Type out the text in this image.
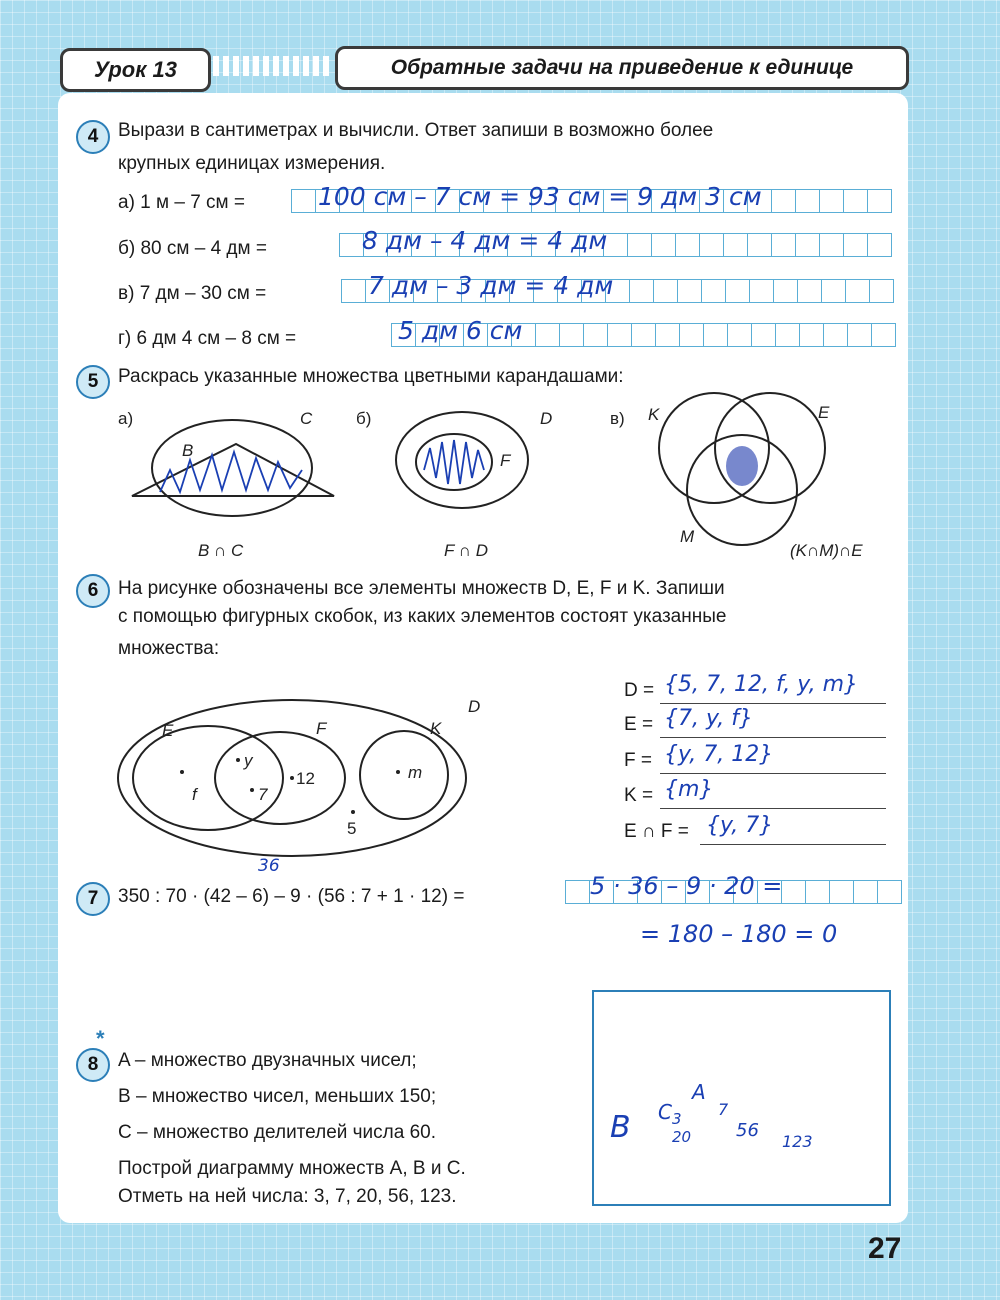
Урок 13	Обратные задачи на приведение к единице
4	Вырази в сантиметрах и вычисли. Ответ запиши в возможно более
крупных единицах измерения.
а) 1 м – 7 см =	100 см – 7 см = 93 см = 9 дм 3 см
б) 80 см – 4 дм =	8 дм – 4 дм = 4 дм
в) 7 дм – 30 см =	7 дм – 3 дм = 4 дм
г) 6 дм 4 см – 8 см =	5 дм 6 см
5	Раскрась указанные множества цветными карандашами:
а)
B
C
B ∩ C
б)	D
F
F ∩ D
в) K	E
M
(K∩M)∩E
D
E	F	K
f
y
7
12	m
5
6	На рисунке обозначены все элементы множеств D, E, F и K. Запиши
с помощью фигурных скобок, из каких элементов состоят указанные
множества:
D = {5, 7, 12, f, y, m}
E = {7, y, f}
F = {y, 7, 12}
K = {m}
E ∩ F = {y, 7}
7	350 : 70 · (42 – 6) – 9 · (56 : 7 + 1 · 12) =	5 · 36 – 9 · 20 =
= 180 – 180 = 0
36
8
*
A – множество двузначных чисел;
B – множество чисел, меньших 150;
C – множество делителей числа 60.
Построй диаграмму множеств A, B и C.
Отметь на ней числа: 3, 7, 20, 56, 123.
B C
A
3
20
7
56
123
27
